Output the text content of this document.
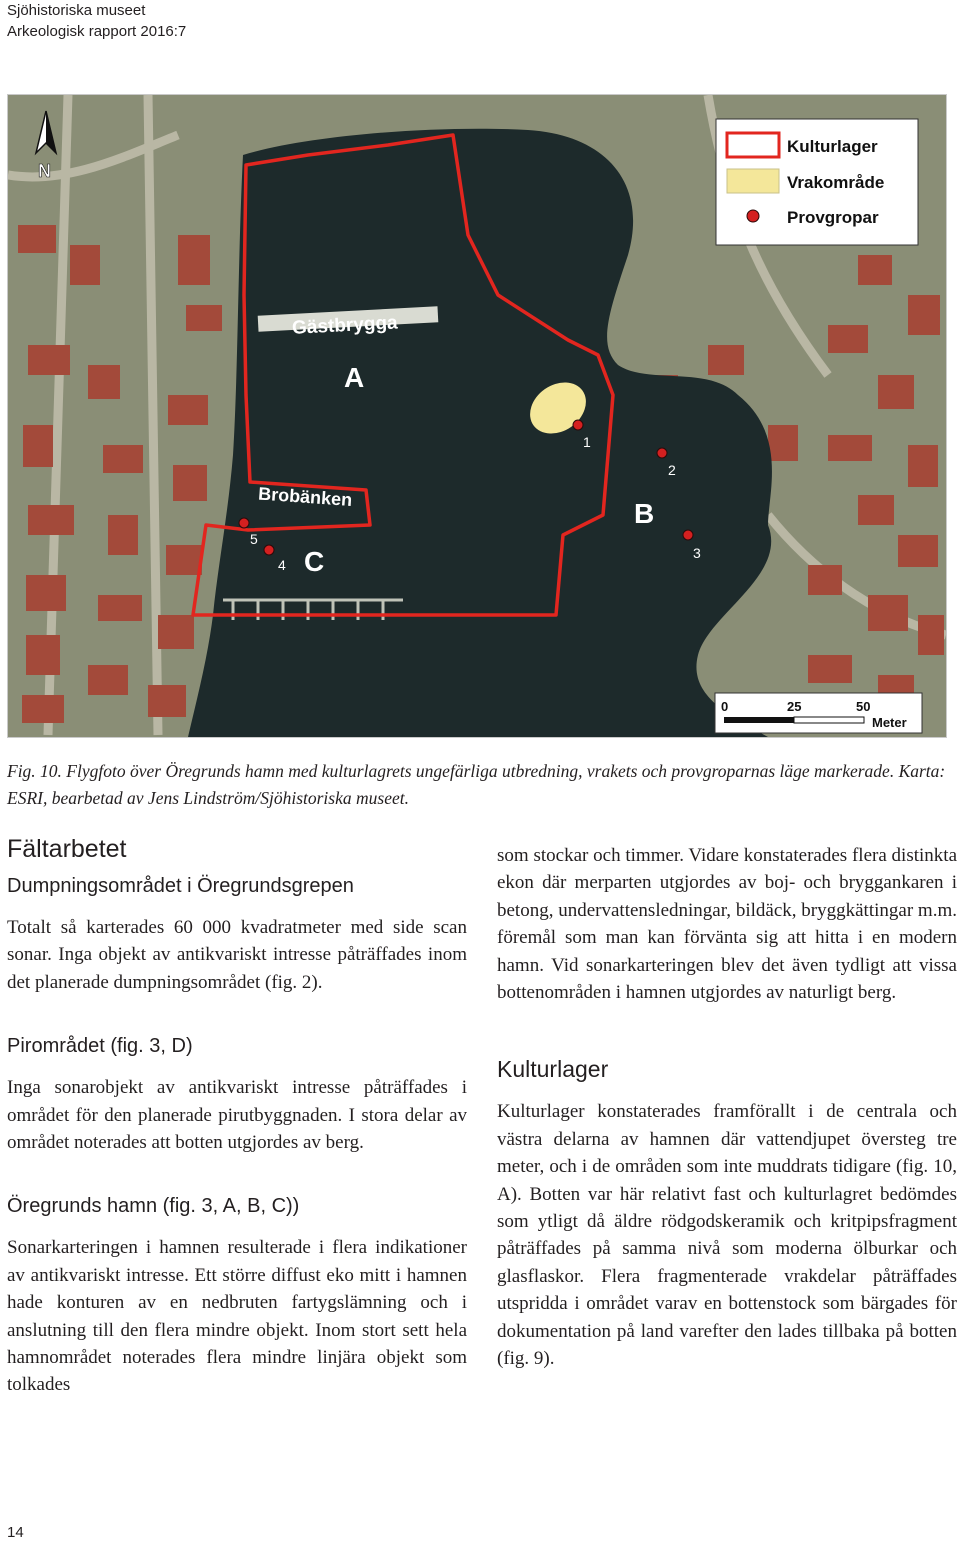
Sjöhistoriska museet
Arkeologisk rapport 2016:7
1
2
3
4
5
Gästbrygga
A
B
C
Brobänken
N
Kulturlager
Vrakområde
Provgropar
0	25	50
Meter
Fig. 10. Flygfoto över Öregrunds hamn med kulturlagrets ungefärliga utbredning, vrakets och provgroparnas läge markerade. Karta: ESRI, bearbetad av Jens Lindström/Sjöhistoriska museet.
Fältarbetet
Dumpningsområdet i Öregrundsgrepen

Totalt så karterades 60 000 kvadratmeter med side scan sonar. Inga objekt av antikvariskt intresse påträffades inom det planerade dumpningsområdet (fig. 2).

Pirområdet (fig. 3, D)

Inga sonarobjekt av antikvariskt intresse påträffades i området för den planerade pirutbyggnaden. I stora delar av området noterades att botten utgjordes av berg.

Öregrunds hamn (fig. 3, A, B, C))

Sonarkarteringen i hamnen resulterade i flera indikationer av antikvariskt intresse. Ett större diffust eko mitt i hamnen hade konturen av en nedbruten fartygslämning och i anslutning till den flera mindre objekt. Inom stort sett hela hamnområdet noterades flera mindre linjära objekt som tolkades

som stockar och timmer. Vidare konstaterades flera distinkta ekon där merparten utgjordes av boj- och bryggankaren i betong, undervattensledningar, bildäck, bryggkättingar m.m. föremål som man kan förvänta sig att hitta i en modern hamn. Vid sonarkarteringen blev det även tydligt att vissa bottenområden i hamnen utgjordes av naturligt berg.

Kulturlager

Kulturlager konstaterades framförallt i de centrala och västra delarna av hamnen där vattendjupet översteg tre meter, och i de områden som inte muddrats tidigare (fig. 10, A). Botten var här relativt fast och kulturlagret bedömdes som ytligt då äldre rödgodskeramik och kritpipsfragment påträffades på samma nivå som moderna ölburkar och glasflaskor. Flera fragmenterade vrakdelar påträffades utspridda i området varav en bottenstock som bärgades för dokumentation på land varefter den lades tillbaka på botten (fig. 9).

14
